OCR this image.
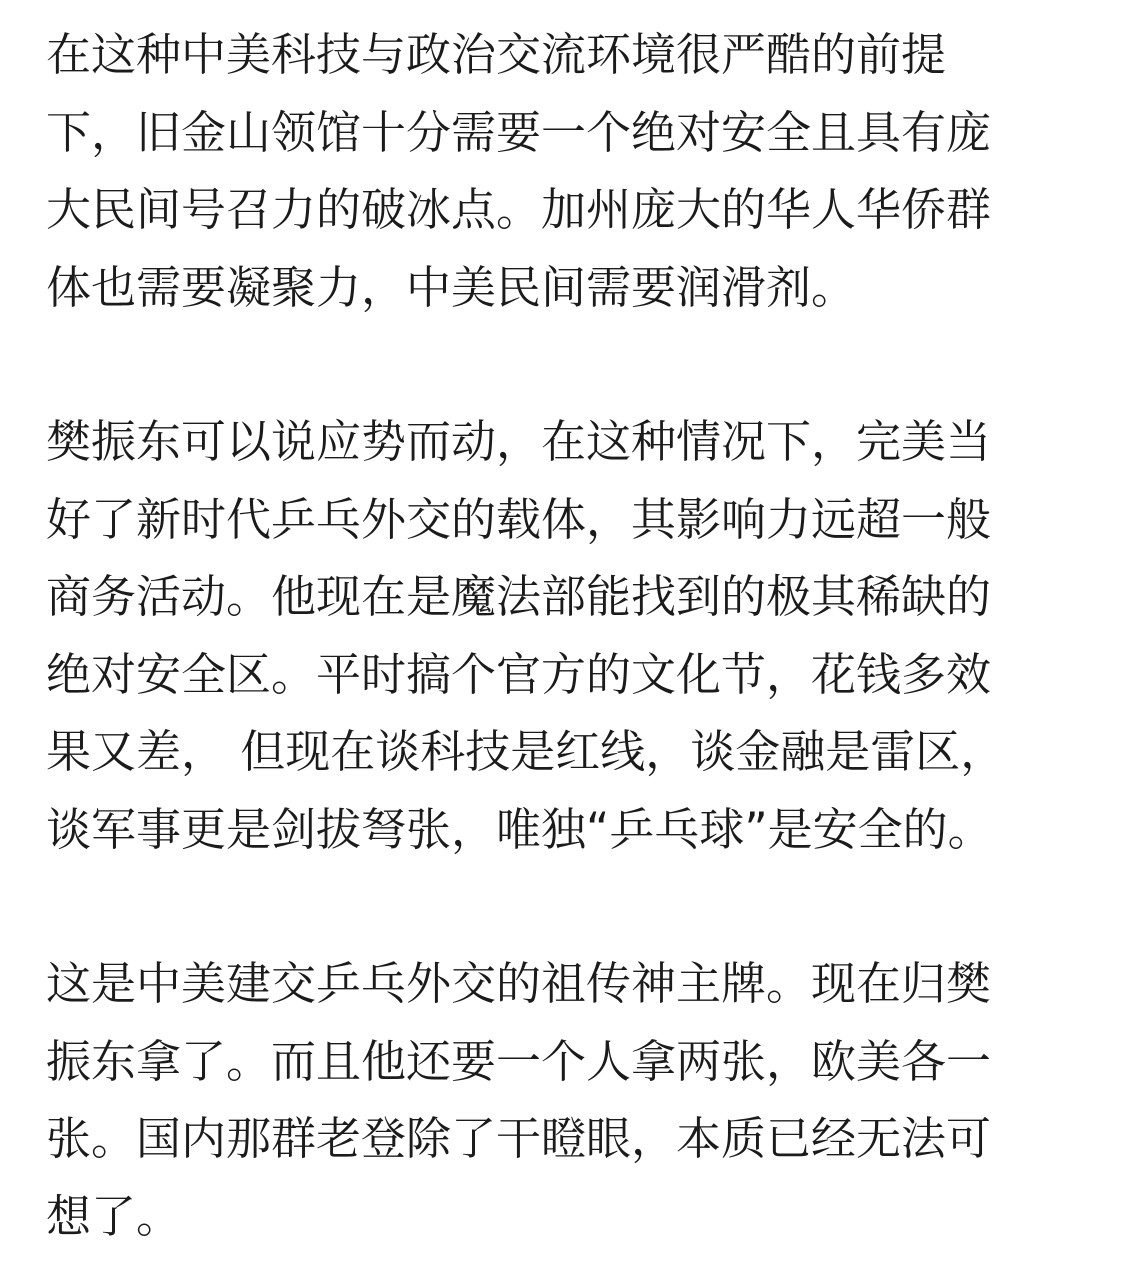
在这种中美科技与政治交流环境很严酷的前提
下，旧金山领馆十分需要一个绝对安全且具有庞
大民间号召力的破冰点。加州庞大的华人华侨群
体也需要凝聚力，中美民间需要润滑剂。

樊振东可以说应势而动，在这种情况下，完美当
好了新时代乒乓外交的载体，其影响力远超一般
商务活动。他现在是魔法部能找到的极其稀缺的
绝对安全区。平时搞个官方的文化节，花钱多效
果又差， 但现在谈科技是红线，谈金融是雷区，
谈军事更是剑拔弩张，唯独“乒乓球”是安全的。

这是中美建交乒乓外交的祖传神主牌。现在归樊
振东拿了。而且他还要一个人拿两张，欧美各一
张。国内那群老登除了干瞪眼，本质已经无法可
想了。
